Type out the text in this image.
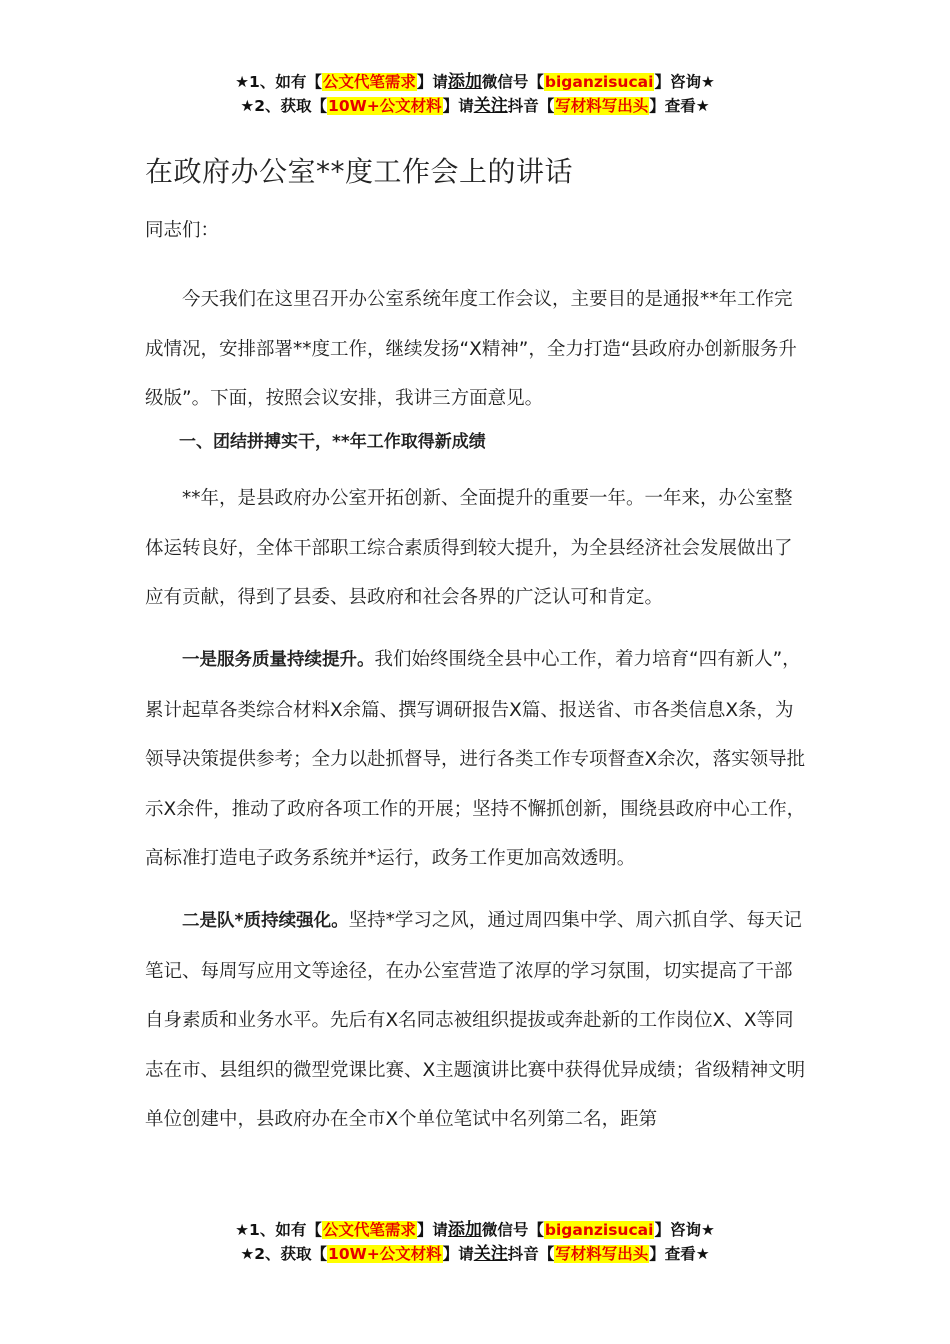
★1、如有【公文代笔需求】请添加微信号【biganzisucai】咨询★
★2、获取【10W+公文材料】请关注抖音【写材料写出头】查看★
在政府办公室**度工作会上的讲话
同志们：
今天我们在这里召开办公室系统年度工作会议，主要目的是通报**年工作完成情况，安排部署**度工作，继续发扬“X精神”，全力打造“县政府办创新服务升级版”。下面，按照会议安排，我讲三方面意见。
一、团结拼搏实干，**年工作取得新成绩
**年，是县政府办公室开拓创新、全面提升的重要一年。一年来，办公室整体运转良好，全体干部职工综合素质得到较大提升，为全县经济社会发展做出了应有贡献，得到了县委、县政府和社会各界的广泛认可和肯定。
一是服务质量持续提升。我们始终围绕全县中心工作，着力培育“四有新人”，累计起草各类综合材料X余篇、撰写调研报告X篇、报送省、市各类信息X条，为领导决策提供参考；全力以赴抓督导，进行各类工作专项督查X余次，落实领导批示X余件，推动了政府各项工作的开展；坚持不懈抓创新，围绕县政府中心工作，高标准打造电子政务系统并*运行，政务工作更加高效透明。
二是队*质持续强化。坚持*学习之风，通过周四集中学、周六抓自学、每天记笔记、每周写应用文等途径，在办公室营造了浓厚的学习氛围，切实提高了干部自身素质和业务水平。先后有X名同志被组织提拔或奔赴新的工作岗位X、X等同志在市、县组织的微型党课比赛、X主题演讲比赛中获得优异成绩；省级精神文明单位创建中，县政府办在全市X个单位笔试中名列第二名，距第
★1、如有【公文代笔需求】请添加微信号【biganzisucai】咨询★
★2、获取【10W+公文材料】请关注抖音【写材料写出头】查看★
